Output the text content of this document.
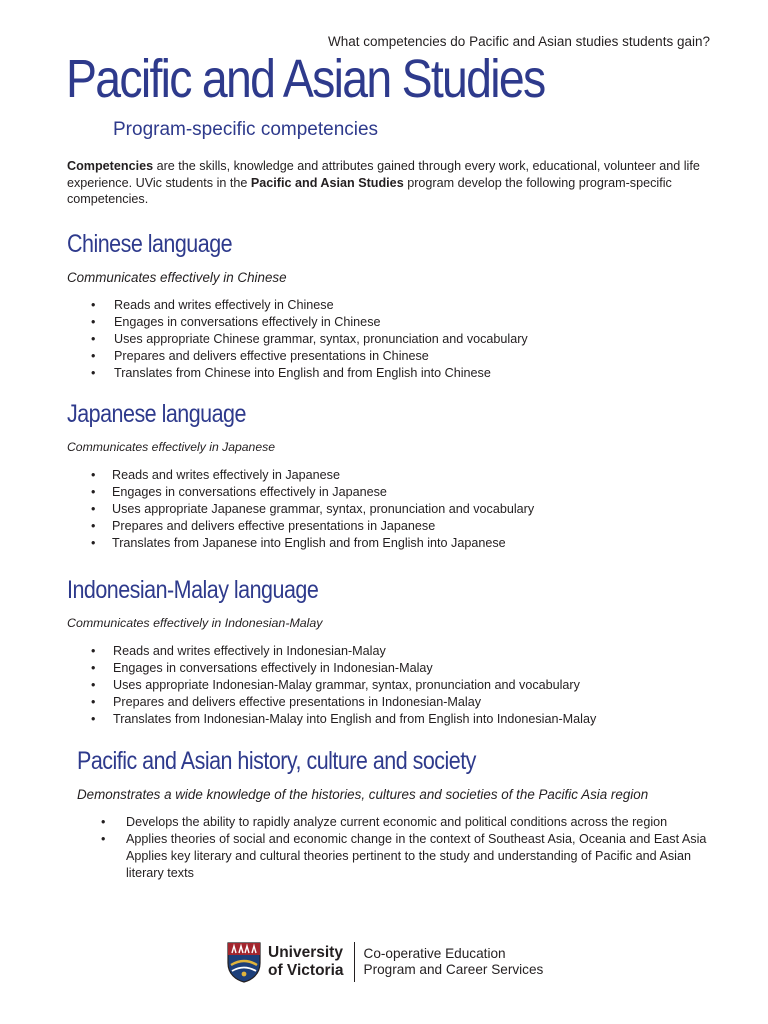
What competencies do Pacific and Asian studies students gain?
Pacific and Asian Studies
Program-specific competencies

Competencies are the skills, knowledge and attributes gained through every work, educational, volunteer and life experience. UVic students in the Pacific and Asian Studies program develop the following program-specific competencies.

Chinese language

Communicates effectively in Chinese

• Reads and writes effectively in Chinese
• Engages in conversations effectively in Chinese
• Uses appropriate Chinese grammar, syntax, pronunciation and vocabulary
• Prepares and delivers effective presentations in Chinese
• Translates from Chinese into English and from English into Chinese
Japanese language

Communicates effectively in Japanese

• Reads and writes effectively in Japanese
• Engages in conversations effectively in Japanese
• Uses appropriate Japanese grammar, syntax, pronunciation and vocabulary
• Prepares and delivers effective presentations in Japanese
• Translates from Japanese into English and from English into Japanese
Indonesian-Malay language

Communicates effectively in Indonesian-Malay

• Reads and writes effectively in Indonesian-Malay
• Engages in conversations effectively in Indonesian-Malay
• Uses appropriate Indonesian-Malay grammar, syntax, pronunciation and vocabulary
• Prepares and delivers effective presentations in Indonesian-Malay
• Translates from Indonesian-Malay into English and from English into Indonesian-Malay
Pacific and Asian history, culture and society

Demonstrates a wide knowledge of the histories, cultures and societies of the Pacific Asia region

• Develops the ability to rapidly analyze current economic and political conditions across the region
• Applies theories of social and economic change in the context of Southeast Asia, Oceania and East Asia Applies key literary and cultural theories pertinent to the study and understanding of Pacific and Asian literary texts
University
of Victoria
Co-operative Education
Program and Career Services
